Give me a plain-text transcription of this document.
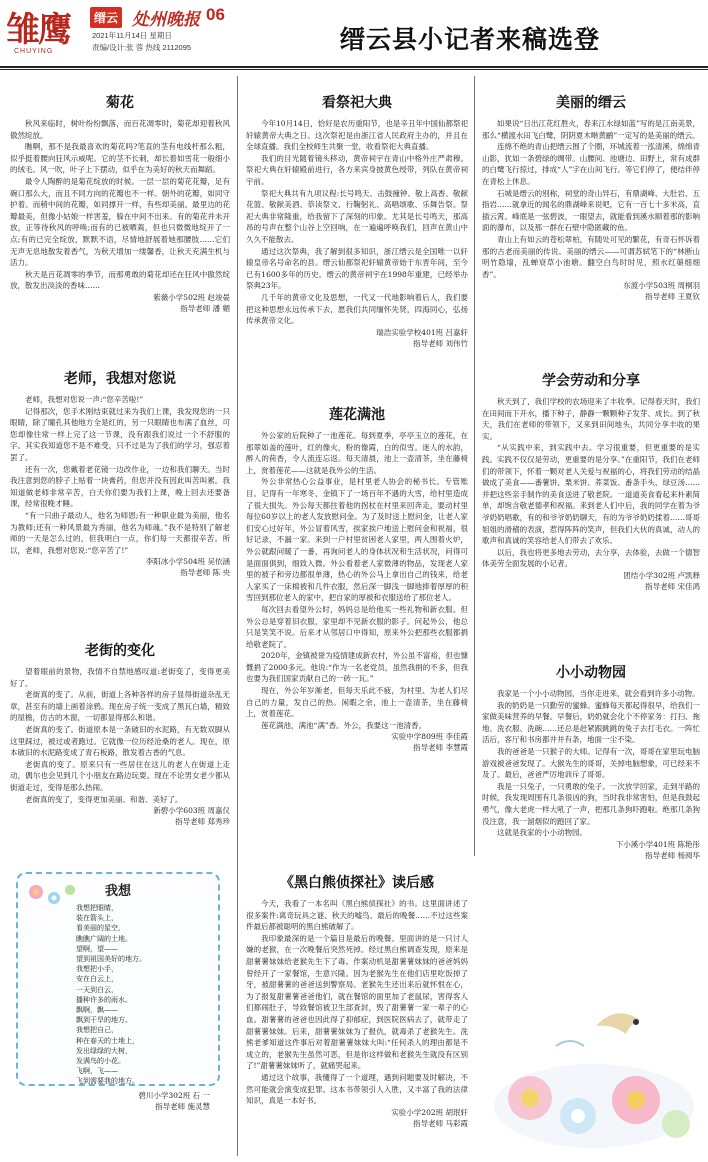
雏鹰
CHUYING
缙云 处州晚报 06
2021年11月14日 星期日
责编/设计:张 蓉 热线 2112095	缙云县小记者来稿选登
菊花

秋风来临时，树叶纷纷飘落，而百花凋零时，菊花却迎着秋风傲然绽放。

瞧啊，那不是我最喜欢的菊花吗?笔直的茎有电线杆那么粗，似乎挺着腰向狂风示威呢。它的茎不长刺，却长着如雪花一般细小的绒毛。风一吹，叶子上下摆动，似乎在为美好的秋天而舞蹈。

最令人陶醉的是菊花绽放的时候。一层一层的菊花花瓣，足有碗口那么大，而且不同方向的花瓣也不一样。朝外的花瓣，如同守护着。而稍中间的花瓣，如同撑开一样，有些却美丽。最里边的花瓣最美，但像小姑娘一样害羞，躲在中间不出来。有的菊花并未开放，正等待秋风的呼唤;而有的已被晒蔫，但也只微微地绽开了一点;有的已完全绽放，默默不语，尽情地舒展着她那腰肢……它们无声无息地散发着香气，为秋天增加一缕馨香，让秋天充满生机与活力。

秋天是百花凋零的季节，而那勇敢的菊花却还在狂风中傲然绽放，散发出淡淡的香味……

紫薇小学502班 赵竣晏

指导老师 潘 媚

老师，我想对您说

老师，我想对您说一声:“您辛苦啦!”

记得那次，您手术刚结束就过来为我们上课，我发现您的一只眼睛，除了瞳孔其他地方全是红的，另一只眼睛也布满了血丝，可您却像往常一样上完了这一节课，没有跟我们说过一个不舒服的字。其实我知道您不是不难受，只不过是为了我们的学习，强忍着罢了。

还有一次，您戴着老花镜一边改作业，一边和我们聊天。当时我注意到您的脖子上贴着一块膏药，但您并没有因此叫苦叫累。我知道做老师非常辛苦，白天你们要为我们上课，晚上回去还要备课，经常很晚才睡。

“有一只曲子最动人，他名为师恩;有一种职业最为美丽，他名为教师;还有一种风景最为秀丽，他名为师魂。”我不是特别了解老师的一天是怎么过的，但我明白一点，你们每一天都很辛苦。所以，老师，我想对您说:“您辛苦了!”

李阳冰小学504班 吴依涵

指导老师 陈 央

老街的变化

望着眼前的景物，我情不自禁地感叹道:老街变了，变得更美好了。

老街真的变了。从前，街道上各种各样的房子显得街道杂乱无章，甚至有的墙上画着涂鸦。现在房子统一变成了黑瓦白墙，精致的屋檐，仿古的木窗，一切都显得那么和谐。

老街真的变了。街道原本是一条破旧的水泥路，有无数双脚从这里踩过，被过或者跑过。它就像一位历经沧桑的老人。现在，原本破旧的水泥路变成了青石板路，散发着古香的气息。

老街真的变了。原来只有一些居住在这儿的老人在街道上走动，偶尔也会见到几个小朋友在路边玩耍。现在不论男女老少都从街道走过，变得是那么热闹。

老街真的变了，变得更加美丽、和谐、美好了。

新碧小学603班 周嘉仪

指导老师 郑秀珍

我想
我想把眼睛，
装在箭头上，
看美丽的星空，
瞧瞧广阔的土地。
望啊，望——
望到祖国美好的地方。
我想把小手，
安在白云上，
一天到白云，
播种许多的雨水。
飘啊，飘——
飘到干旱的地方。
我想把自己，
种在春天的土地上，
发出绿绿的大树，
发满鸟的小花。
飞啊，飞——
飞到需要我的地方。
碧川小学302班 石 一
指导老师 施灵慧
看祭祀大典

今年10月14日，恰好是农历重阳节，也是辛丑年中国仙都祭祀轩辕黄帝大典之日。这次祭祀是由浙江省人民政府主办的，并且在全球直播。我们全校师生共聚一堂，收看祭祀大典直播。

我们的目光随着镜头移动，黄帝祠宇在青山中格外庄严肃穆。祭祀大典在轩辕殿前进行，各方来宾身披黄色绶带，列队在黄帝祠宇前。

祭祀大典共有九项议程:长号鸣天、击鼓撞钟、敬上高香、敬献花篮、敬献美酒、恭读祭文、行鞠躬礼、高唱颂歌、乐舞告祭。祭祀大典非常隆重，给我留下了深刻的印象。尤其是长号鸣天，那高昂的号声在整个山谷上空回响，在一遍遍呼唤我们，回声在黄山中久久不能散去。

通过这次祭典，我了解到很多知识，浙江缙云是全国唯一以轩辕皇帝名号命名的县。缙云仙都祭祀轩辕黄帝始于东晋年间，至今已有1600多年的历史。缙云的黄帝祠宇在1998年重建，已经举办祭典23年。

几千年的黄帝文化及思想，一代又一代地影响着后人，我们要把这种思想永远传承下去，愿我们共同缅怀先贤，四海同心，弘扬传承黄帝文化。

瑞浩实验学校401班 吕嘉轩

指导老师 刘伟竹

莲花满池

外公家的后院种了一池莲花。每到夏季，亭亭玉立的莲花，在那翠如盖的莲叶，红的像火，粉的像霞，白的似雪。迷人的水韵，醉人的荷香，令人流连忘返。每天清晨，池上一壶清茶，坐在藤椅上，赏着莲花——这就是我外公的生活。

外公非常热心公益事业，是村里老人协会的秘书长。专管账目。记得有一年寒冬，金镇下了一场百年不遇的大雪，给村里造成了很大损失。外公每天都拄着他的拐杖在村里来回奔走，要动村里每位60岁以上的老人发放慰问金。为了及时送上慰问金，让老人家们安心过好年，外公冒着风雪，挨家挨户地送上慰问金和祝福，很好记录，不漏一家。来到一户村里贫困老人家里，两人围着火炉，外公就跟问暖了一番，再询问老人的身体状况和生活状况，问得可是面面俱到，细致入微。外公看着老人家微薄的物品，发现老人家里的被子和旁边都很单薄，热心的外公马上拿出自己的钱来，给老人家买了一床棉被和几件衣服，然后深一脚浅一脚地捧着厚厚的积雪回到那位老人的家中，把自家的厚被和衣服送给了那位老人。

每次回去看望外公时，妈妈总是给他买一些礼物和新衣服。但外公总是穿着旧衣服，家里却不见新衣服的影子。问起外公，他总只是笑笑不说。后来才从邻居口中得知，原来外公把那些衣服都捐给敬老院了。

2020年，金镇被誉为疫情建成新农村，外公虽不富裕，但也慷慨捐了2000多元。他说:“作为一名老党员，虽然我捐的不多，但我也要为我们国家贡献自己的一砖一瓦。”

现在，外公年岁渐老，但每天乐此不疲，为村里、为老人们尽自己的力量，发自己的热。闲暇之余，池上一壶清茶，坐在藤椅上，赏着莲花。

莲花满池，满池“满”香。外公，我要这一池清香。

实验中学809班 李佳霞

指导老师 李慧霞

《黑白熊侦探社》读后感

今天，我看了一本名叫《黑白熊侦探社》的书。这里面讲述了很多案件:离奇玩具之谜、秋天的嘘鸟、最后的晚餐……不过这些案件最后都被聪明的黑白熊破解了。

我印象最深的是一个篇目是最后的晚餐。里面讲的是一只讨人嫌的老猴，在一次晚餐后突然死掉。经过黑白熊调查发现，原来是甜薯薯妹妹给老猴先生下了毒。作案动机是甜薯薯妹妹的爸爸妈妈曾经开了一家餐馆，生意兴隆。因为老猴先生在他们店里吃饭掉了牙，被甜薯薯的爸爸送到警察局。老猴先生还出来后就怀恨在心，为了报复甜薯薯爸爸他们，就在餐馆的面里加了老鼠尿，害得客人们都闹肚子，导致餐馆被卫生部查封，毁了甜薯薯一家一辈子的心血。甜薯薯的爸爸也因此得了抑郁症，到医院医病去了，就带走了甜薯薯妹妹。后来，甜薯薯妹妹为了报仇，就毒杀了老猴先生。洗熊老爹知道这件事后对着甜薯薯妹妹大叫:“任何杀人的理由都是不成立的，老猴先生虽然可恶，但是你这样做和老猴先生就没有区别了!”甜薯薯妹妹听了，就痛哭起来。

通过这个故事，我懂得了一个道理，遇到问题要及时解决，不然可能就会演变成犯罪。这本书带领引人入胜，又丰富了我的法律知识，真是一本好书。

实验小学202班 胡珉轩

指导老师 马彩霞

美丽的缙云

如果说“日出江花红胜火，春来江水绿如蓝”写的是江南美景，那么“横渡水田飞白鹭，阴阴夏木啭黄鹂”一定写的是美丽的缙云。

连绵不绝的青山把缙云围了个圈，环城流着一泓清溪，绵绵青山影，犹如一条碧绿的绸带。山腰间、池塘边、田野上，常有成群的白鹭飞行掠过，排成“人”字在山间飞行。等它们停了，便结伴停在青松上休息。

石城是缙云的别称，祠堂的奇山异石，有鼎湖峰、大肚岩、五指岩……就拿近的闻名的鼎湖峰来说吧，它有一百七十多米高，直插云霄。峰底是一弦碧波，一眼望去，就能看到溪水顺着那的影响面的瀑布，以及那一群在石壁中隐匿藏的鱼。

青山上有如云的苍松翠柏，有随处可见的繁花，有奇石怀诉着那的古老而美丽的传说。美丽的缙云——可谓苏轼笔下的“林断山明竹隐墙，乱蝉衰草小池塘。翻空白鸟时时见，照水红蕖细细香”。

东渡小学503班 周桐羽

指导老师 王夏钦

学会劳动和分享

秋天到了，我们学校的农场迎来了丰收季。记得春天时，我们在田间而下开水，播下种子，静静一颗颗种子发芽、成长。到了秋天，我们在老师的带领下，又来到田间地头，共同分享丰收的果实。

“从实践中来，到实践中去。学习很重要，但更重要的是实践。实践不仅仅是劳动，更重要的是分享。”在重阳节，我们在老师们的带领下，怀着一颗对老人关爱与祝福的心，将我们劳动的结晶做成了美食——番薯饼、栗米饼、荞菜饭、番条手头、绿豆汤……并把这些亲手制作的美食送进了敬老院。一道道美食看起来朴素简单，却饱含敬老德孝和祝福。来到老人们中后，我的同学在着为爷爷奶奶唱歌，有的和爷爷奶奶聊天，有的为爷爷奶奶揉着……哥哥姐姐的滑稽的表演，惹得阵阵的笑声，但我们大伙的真诚，动人的歌声和真诚的笑容给老人们带去了欢乐。

以后，我也将更多地去劳动，去分享，去体验，去做一个德智体美劳全面发展的小记者。

团结小学302班 卢凯释

指导老师 宋佳鸿

小小动物园

我家是一个小小动物园，当你走进来，就会看到许多小动物。

我的奶奶是一只勤劳的蜜蜂。蜜蜂每天都起得很早，给我们一家做美味营养的早餐。早餐后，奶奶就会化个不停家务：打扫、拖地、洗衣服、洗碗……还总是赶紧跟跳跳的兔子去打毛衣。一阵忙活后，客厅和书房都井井有条，地面一尘不染。

我的爸爸是一只猴子的大师。记得有一次，哥哥在家里玩电脑游戏被爸爸发现了。大猴先生的哥哥，关掉电脑想象，可已经来不及了。最后，爸爸严厉地训斥了哥哥。

我是一只兔子，一只勇敢的兔子。一次放学回家，走到半路的时候，我发现周围有几条很凶的狗，当时我非常害怕，但是我鼓起勇气，像大老虎一样大吼了一声，把那几条狗吓跑啦。绝那几条狗没注意，我一溜烟似的跑回了家。

这就是我家的小小动物园。

下小溪小学401班 陈艳彤

指导老师 杨阅华
